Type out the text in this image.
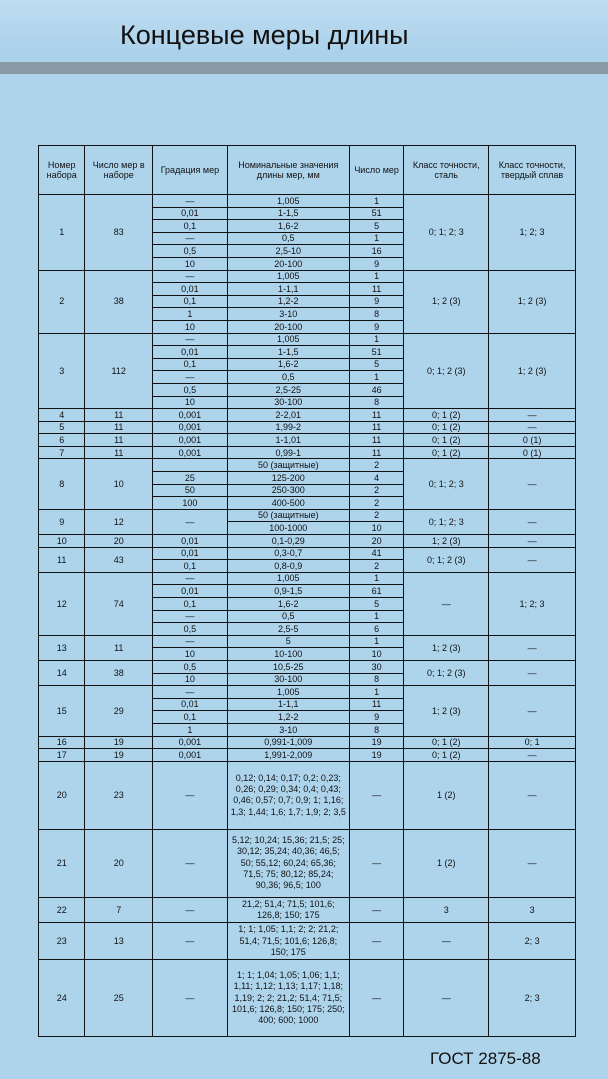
Концевые меры длины
Номер набора	Число мер в наборе	Градация мер	Номинальные значения длины мер, мм	Число мер	Класс точности, сталь	Класс точности, твердый сплав
1	83	—	1,005	1	0; 1; 2; 3	1; 2; 3
		0,01	1-1,5	51		
		0,1	1,6-2	5		
		—	0,5	1		
		0,5	2,5-10	16		
		10	20-100	9		
2	38	—	1,005	1	1; 2 (3)	1; 2 (3)
		0,01	1-1,1	11		
		0,1	1,2-2	9		
		1	3-10	8		
		10	20-100	9		
3	112	—	1,005	1	0; 1; 2 (3)	1; 2 (3)
		0,01	1-1,5	51		
		0,1	1,6-2	5		
		—	0,5	1		
		0,5	2,5-25	46		
		10	30-100	8		
4	11	0,001	2-2,01	11	0; 1 (2)	—
5	11	0,001	1,99-2	11	0; 1 (2)	—
6	11	0,001	1-1,01	11	0; 1 (2)	0 (1)
7	11	0,001	0,99-1	11	0; 1 (2)	0 (1)
8	10		50 (защитные)	2	0; 1; 2; 3	—
		25	125-200	4		
		50	250-300	2		
		100	400-500	2		
9	12	—	50 (защитные)	2	0; 1; 2; 3	—
			100-1000	10		
10	20	0,01	0,1-0,29	20	1; 2 (3)	—
11	43	0,01	0,3-0,7	41	0; 1; 2 (3)	—
		0,1	0,8-0,9	2		
12	74	—	1,005	1	—	1; 2; 3
		0,01	0,9-1,5	61		
		0,1	1,6-2	5		
		—	0,5	1		
		0,5	2,5-5	6		
13	11	—	5	1	1; 2 (3)	—
		10	10-100	10		
14	38	0,5	10,5-25	30	0; 1; 2 (3)	—
		10	30-100	8		
15	29	—	1,005	1	1; 2 (3)	—
		0,01	1-1,1	11		
		0,1	1,2-2	9		
		1	3-10	8		
16	19	0,001	0,991-1,009	19	0; 1 (2)	0; 1
17	19	0,001	1,991-2,009	19	0; 1 (2)	—
20	23	—	0,12; 0,14; 0,17; 0,2; 0,23; 0,26; 0,29; 0,34; 0,4; 0,43; 0,46; 0,57; 0,7; 0,9; 1; 1,16; 1,3; 1,44; 1,6; 1,7; 1,9; 2; 3,5	—	1 (2)	—
21	20	—	5,12; 10,24; 15,36; 21,5; 25; 30,12; 35,24; 40,36; 46,5; 50; 55,12; 60,24; 65,36; 71,5; 75; 80,12; 85,24; 90,36; 96,5; 100	—	1 (2)	—
22	7	—	21,2; 51,4; 71,5; 101,6; 126,8; 150; 175	—	3	3
23	13	—	1; 1; 1,05; 1,1; 2; 2; 21,2; 51,4; 71,5; 101,6; 126,8; 150; 175	—	—	2; 3
24	25	—	1; 1; 1,04; 1,05; 1,06; 1,1; 1,11; 1,12; 1,13; 1,17; 1,18; 1,19; 2; 2; 21,2; 51,4; 71,5; 101,6; 126,8; 150; 175; 250; 400; 600; 1000	—	—	2; 3
ГОСТ 2875-88
